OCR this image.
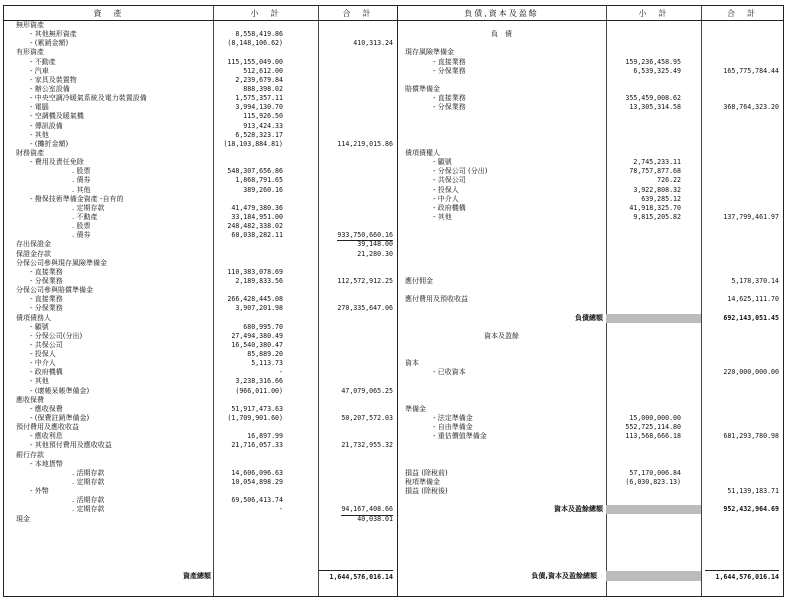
資　產	小　計	合　計
無形資產
- 其他無形資產	8,558,419.86
- (累銷金額)	(8,148,106.62)	410,313.24
有形資產
- 不動產	115,155,049.00
- 汽車	512,612.00
- 家具及裝置物	2,239,679.84
- 辦公室設備	888,398.02
- 中央空調冷暖氣系統及電力裝置設備	1,575,357.11
- 電腦	3,994,130.70
- 空調機及暖氣機	115,926.50
- 傳訊設備	913,424.33
- 其他	6,528,323.17
- (攤折金額)	(18,103,884.81)	114,219,015.86
財務資產
- 費用及責任免除
. 股票	548,307,656.86
. 債券	1,868,791.65
. 其他	389,260.16
- 撥保技術準備金資產 -自有的
. 定期存款	41,479,380.36
. 不動產	33,184,951.00
. 股票	248,482,338.02
. 債券	60,038,282.11	933,750,660.16
存出保證金	39,148.00
保證金存款	21,280.30
分保公司參與現存風險準備金
- 直接業務	110,383,078.69
- 分保業務	2,189,833.56	112,572,912.25
分保公司參與賠償準備金
- 直接業務	266,428,445.08
- 分保業務	3,907,201.98	270,335,647.06
債項債務人
- 顧號	680,995.70
- 分保公司(分出)	27,494,380.49
- 共保公司	16,540,380.47
- 投保人	85,889.20
- 中介人	5,113.73
- 政府機構	-
- 其他	3,238,316.66
- (壞帳呆帳準備金)	(966,011.00)	47,079,065.25
應收保費
- 應收保費	51,917,473.63
- (保費註銷準備金)	(1,709,901.60)	50,207,572.03
預付費用及應收收益
- 應收利息	16,897.99
- 其他預付費用及應收收益	21,716,057.33	21,732,955.32
銀行存款
- 本地貨幣
. 活期存款	14,606,096.63
. 定期存款	10,054,898.29
- 外幣
. 活期存款	69,506,413.74
. 定期存款	-	94,167,408.66
現金	40,038.01
資產總額	1,644,576,016.14
負債,資本及盈餘	小　計	合　計
負　債
現存風險準備金
- 直接業務	159,236,458.95
- 分保業務	6,539,325.49	165,775,784.44
賠償準備金
- 直接業務	355,459,008.62
- 分保業務	13,305,314.58	368,764,323.20
債項債權人
- 顧號	2,745,233.11
- 分保公司 (分出)	78,757,877.68
- 共保公司	726.22
- 投保人	3,922,808.32
- 中介人	639,285.12
- 政府機構	41,918,325.70
- 其他	9,815,205.82	137,799,461.97
應付佣金	5,178,370.14
應付費用及預收收益	14,625,111.70
負債總額	692,143,051.45
資本及盈餘
資本
- 已收資本	220,000,000.00
準備金
- 法定準備金	15,000,000.00
- 自由準備金	552,725,114.80
- 重估價值準備金	113,568,666.18	681,293,780.98
損益 (除稅前)	57,170,006.84
稅項準備金	(6,030,823.13)
損益 (除稅後)	51,139,183.71
資本及盈餘總額	952,432,964.69
負債,資本及盈餘總額	1,644,576,016.14
